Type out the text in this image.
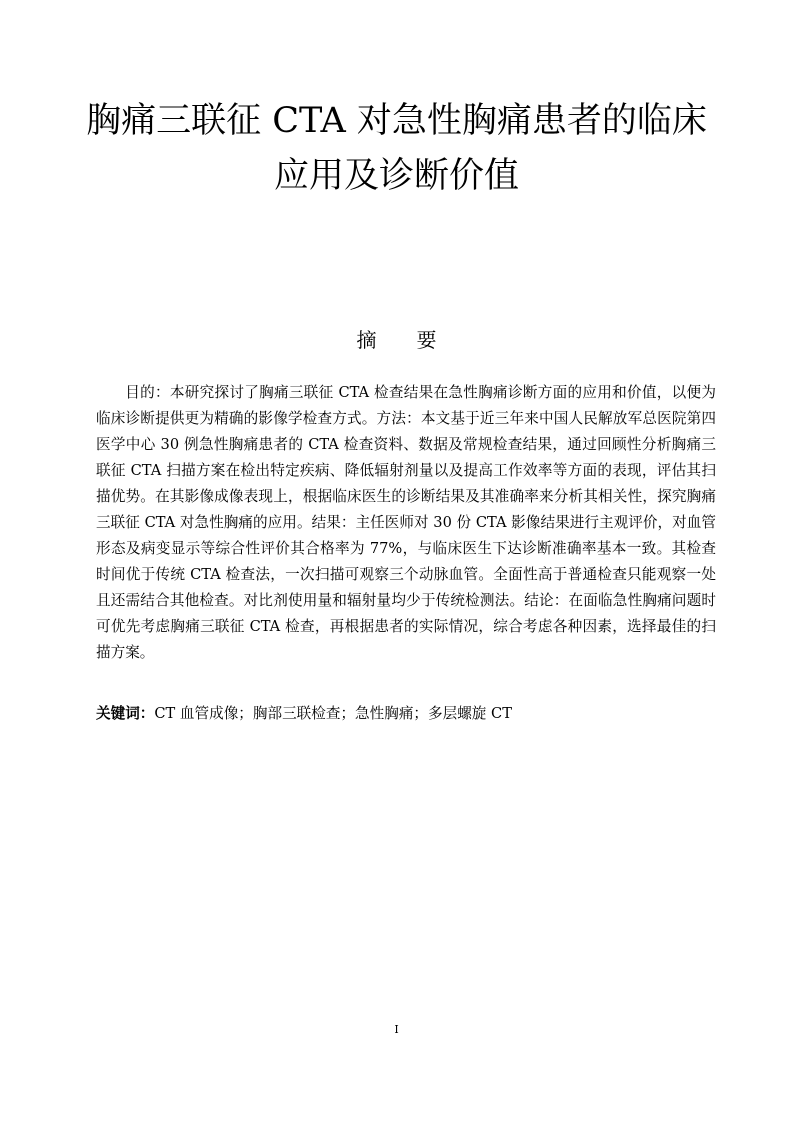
胸痛三联征 CTA 对急性胸痛患者的临床
应用及诊断价值
摘　　要

目的：本研究探讨了胸痛三联征 CTA 检查结果在急性胸痛诊断方面的应用和价值，以便为临床诊断提供更为精确的影像学检查方式。方法：本文基于近三年来中国人民解放军总医院第四医学中心 30 例急性胸痛患者的 CTA 检查资料、数据及常规检查结果，通过回顾性分析胸痛三联征 CTA 扫描方案在检出特定疾病、降低辐射剂量以及提高工作效率等方面的表现，评估其扫描优势。在其影像成像表现上，根据临床医生的诊断结果及其准确率来分析其相关性，探究胸痛三联征 CTA 对急性胸痛的应用。结果：主任医师对 30 份 CTA 影像结果进行主观评价，对血管形态及病变显示等综合性评价其合格率为 77%，与临床医生下达诊断准确率基本一致。其检查时间优于传统 CTA 检查法，一次扫描可观察三个动脉血管。全面性高于普通检查只能观察一处且还需结合其他检查。对比剂使用量和辐射量均少于传统检测法。结论：在面临急性胸痛问题时可优先考虑胸痛三联征 CTA 检查，再根据患者的实际情况，综合考虑各种因素，选择最佳的扫描方案。

关键词：CT 血管成像；胸部三联检查；急性胸痛；多层螺旋 CT

I
